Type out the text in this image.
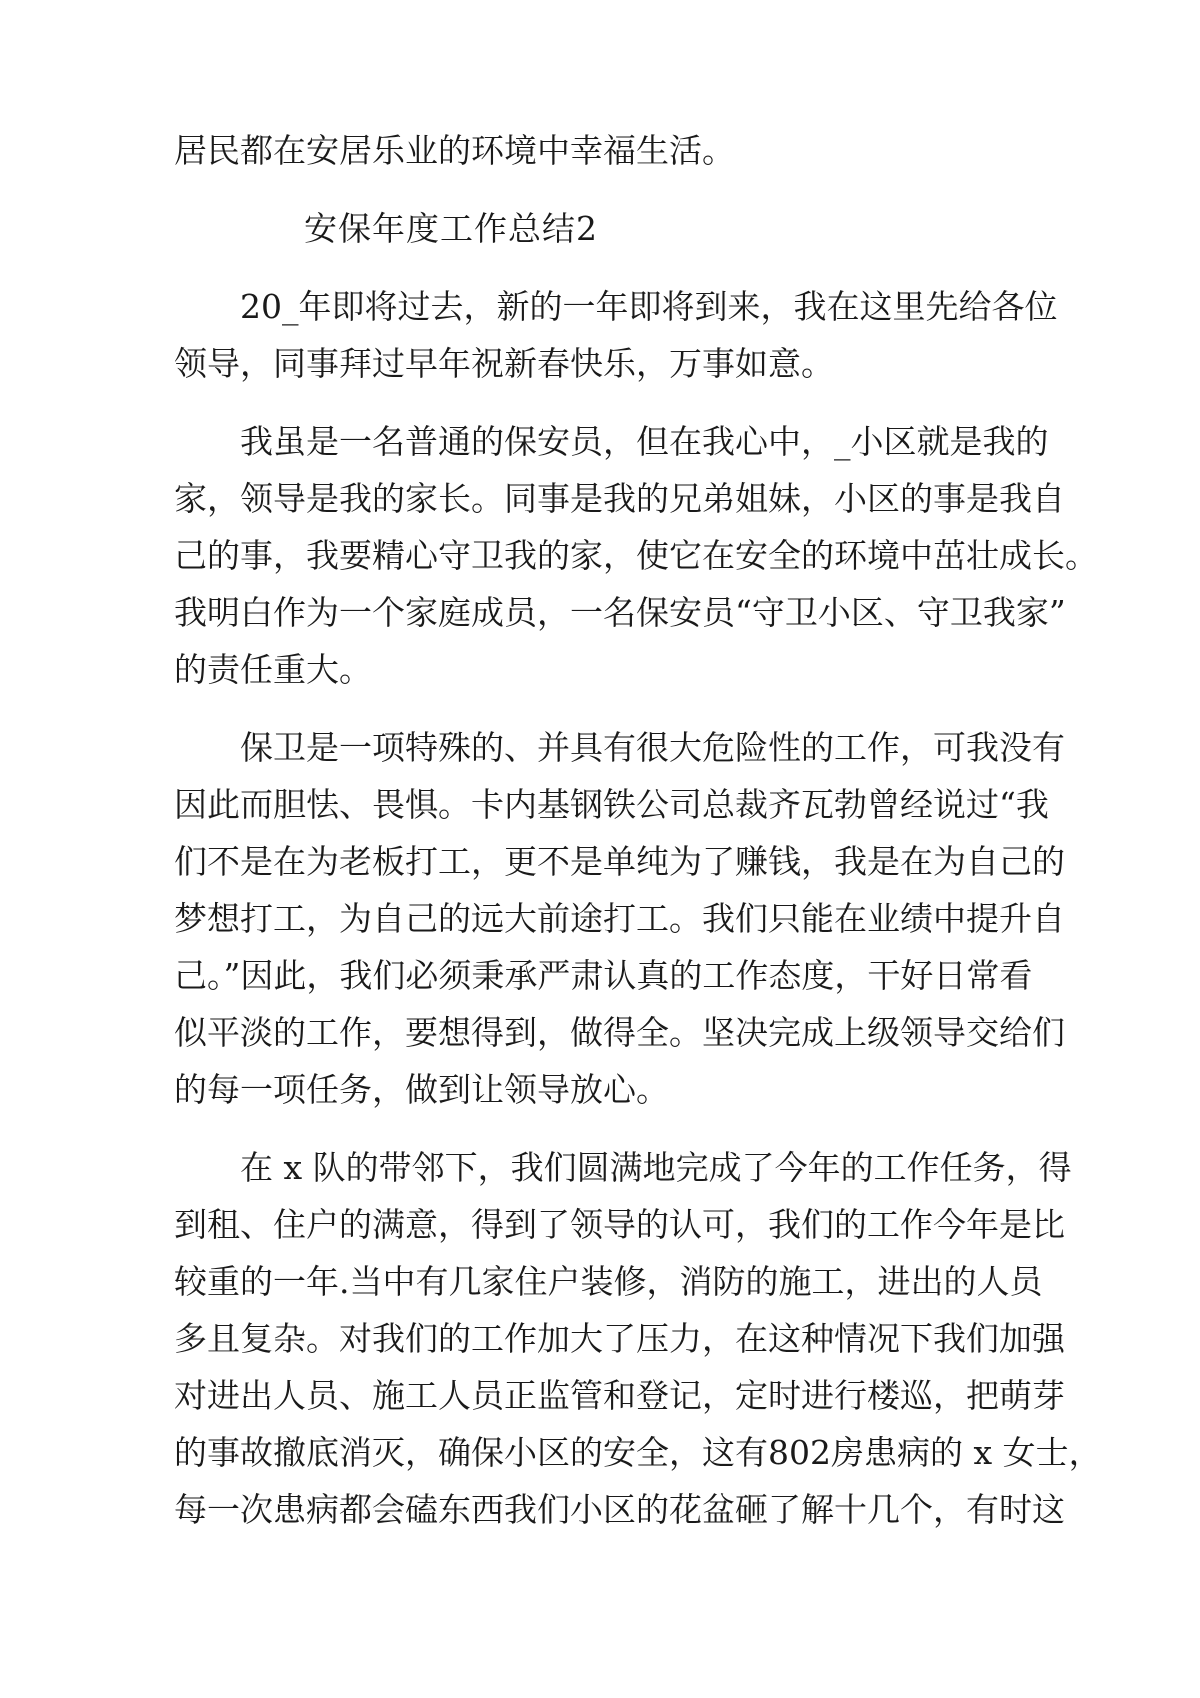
居民都在安居乐业的环境中幸福生活。
安保年度工作总结2
20_年即将过去，新的一年即将到来，我在这里先给各位
领导，同事拜过早年祝新春快乐，万事如意。
我虽是一名普通的保安员，但在我心中，_小区就是我的
家，领导是我的家长。同事是我的兄弟姐妹，小区的事是我自
己的事，我要精心守卫我的家，使它在安全的环境中茁壮成长。
我明白作为一个家庭成员，一名保安员“守卫小区、守卫我家”
的责任重大。
保卫是一项特殊的、并具有很大危险性的工作，可我没有
因此而胆怯、畏惧。卡内基钢铁公司总裁齐瓦勃曾经说过“我
们不是在为老板打工，更不是单纯为了赚钱，我是在为自己的
梦想打工，为自己的远大前途打工。我们只能在业绩中提升自
己。”因此，我们必须秉承严肃认真的工作态度，干好日常看
似平淡的工作，要想得到，做得全。坚决完成上级领导交给们
的每一项任务，做到让领导放心。
在 x 队的带邻下，我们圆满地完成了今年的工作任务，得
到租、住户的满意，得到了领导的认可，我们的工作今年是比
较重的一年.当中有几家住户装修，消防的施工，进出的人员
多且复杂。对我们的工作加大了压力，在这种情况下我们加强
对进出人员、施工人员正监管和登记，定时进行楼巡，把萌芽
的事故撤底消灭，确保小区的安全，这有802房患病的 x 女士，
每一次患病都会磕东西我们小区的花盆砸了解十几个，有时这
